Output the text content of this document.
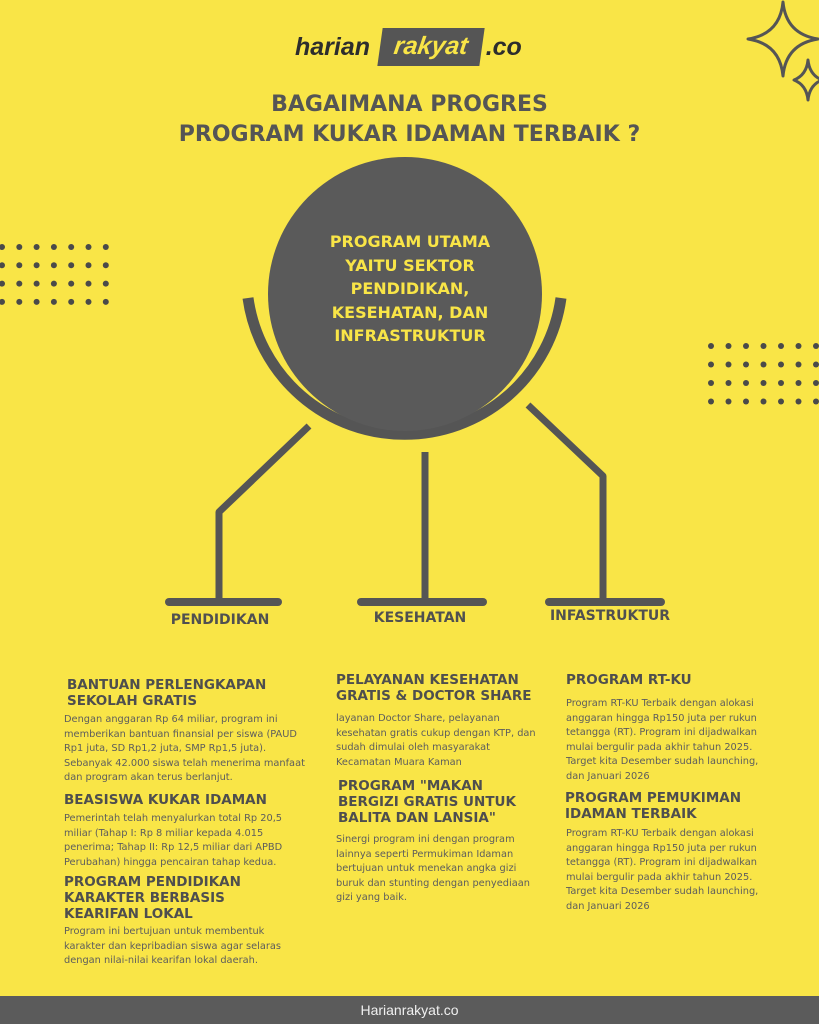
harian rakyat .co
BAGAIMANA PROGRES
PROGRAM KUKAR IDAMAN TERBAIK ?
PROGRAM UTAMA
YAITU SEKTOR
PENDIDIKAN,
KESEHATAN, DAN
INFRASTRUKTUR
PENDIDIKAN	KESEHATAN	INFASTRUKTUR
BANTUAN PERLENGKAPAN SEKOLAH GRATIS
Dengan anggaran Rp 64 miliar, program ini memberikan bantuan finansial per siswa (PAUD Rp1 juta, SD Rp1,2 juta, SMP Rp1,5 juta). Sebanyak 42.000 siswa telah menerima manfaat dan program akan terus berlanjut.
BEASISWA KUKAR IDAMAN
Pemerintah telah menyalurkan total Rp 20,5 miliar (Tahap I: Rp 8 miliar kepada 4.015 penerima; Tahap II: Rp 12,5 miliar dari APBD Perubahan) hingga pencairan tahap kedua.
PROGRAM PENDIDIKAN KARAKTER BERBASIS KEARIFAN LOKAL
Program ini bertujuan untuk membentuk karakter dan kepribadian siswa agar selaras dengan nilai-nilai kearifan lokal daerah.
PELAYANAN KESEHATAN GRATIS & DOCTOR SHARE
layanan Doctor Share, pelayanan kesehatan gratis cukup dengan KTP, dan sudah dimulai oleh masyarakat Kecamatan Muara Kaman
PROGRAM "MAKAN BERGIZI GRATIS UNTUK BALITA DAN LANSIA"
Sinergi program ini dengan program lainnya seperti Permukiman Idaman bertujuan untuk menekan angka gizi buruk dan stunting dengan penyediaan gizi yang baik.
PROGRAM RT-KU
Program RT-KU Terbaik dengan alokasi anggaran hingga Rp150 juta per rukun tetangga (RT). Program ini dijadwalkan mulai bergulir pada akhir tahun 2025. Target kita Desember sudah launching, dan Januari 2026
PROGRAM PEMUKIMAN IDAMAN TERBAIK
Program RT-KU Terbaik dengan alokasi anggaran hingga Rp150 juta per rukun tetangga (RT). Program ini dijadwalkan mulai bergulir pada akhir tahun 2025. Target kita Desember sudah launching, dan Januari 2026
Harianrakyat.co
